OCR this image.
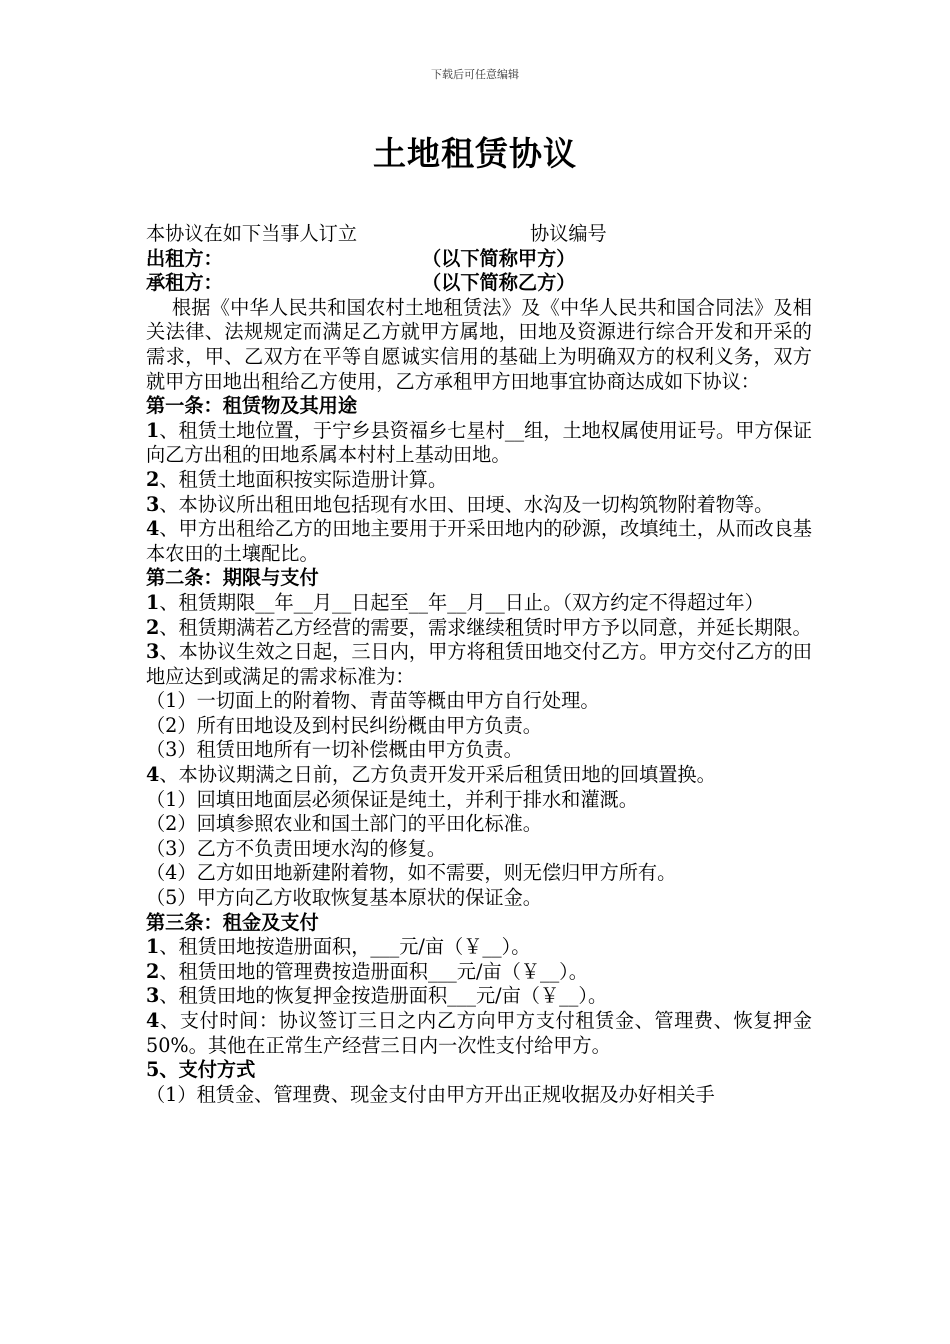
下载后可任意编辑
土地租赁协议
本协议在如下当事人订立	协议编号
出租方：	（以下简称甲方）
承租方：	（以下简称乙方）
根据《中华人民共和国农村土地租赁法》及《中华人民共和国合同法》及相关法律、法规规定而满足乙方就甲方属地，田地及资源进行综合开发和开采的需求，甲、乙双方在平等自愿诚实信用的基础上为明确双方的权利义务，双方就甲方田地出租给乙方使用，乙方承租甲方田地事宜协商达成如下协议：
第一条：租赁物及其用途
1、租赁土地位置，于宁乡县资福乡七星村__组，土地权属使用证号。甲方保证向乙方出租的田地系属本村村上基动田地。
2、租赁土地面积按实际造册计算。
3、本协议所出租田地包括现有水田、田埂、水沟及一切构筑物附着物等。
4、甲方出租给乙方的田地主要用于开采田地内的砂源，改填纯土，从而改良基本农田的土壤配比。
第二条：期限与支付
1、租赁期限__年__月__日起至__年__月__日止。（双方约定不得超过年）
2、租赁期满若乙方经营的需要，需求继续租赁时甲方予以同意，并延长期限。
3、本协议生效之日起，三日内，甲方将租赁田地交付乙方。甲方交付乙方的田地应达到或满足的需求标准为：
（1）一切面上的附着物、青苗等概由甲方自行处理。
（2）所有田地设及到村民纠纷概由甲方负责。
（3）租赁田地所有一切补偿概由甲方负责。
4、本协议期满之日前，乙方负责开发开采后租赁田地的回填置换。
（1）回填田地面层必须保证是纯土，并利于排水和灌溉。
（2）回填参照农业和国土部门的平田化标准。
（3）乙方不负责田埂水沟的修复。
（4）乙方如田地新建附着物，如不需要，则无偿归甲方所有。
（5）甲方向乙方收取恢复基本原状的保证金。
第三条：租金及支付
1、租赁田地按造册面积，___元/亩（￥__）。
2、租赁田地的管理费按造册面积___元/亩（￥__）。
3、租赁田地的恢复押金按造册面积___元/亩（￥__）。
4、支付时间：协议签订三日之内乙方向甲方支付租赁金、管理费、恢复押金50%。其他在正常生产经营三日内一次性支付给甲方。
5、支付方式
（1）租赁金、管理费、现金支付由甲方开出正规收据及办好相关手
